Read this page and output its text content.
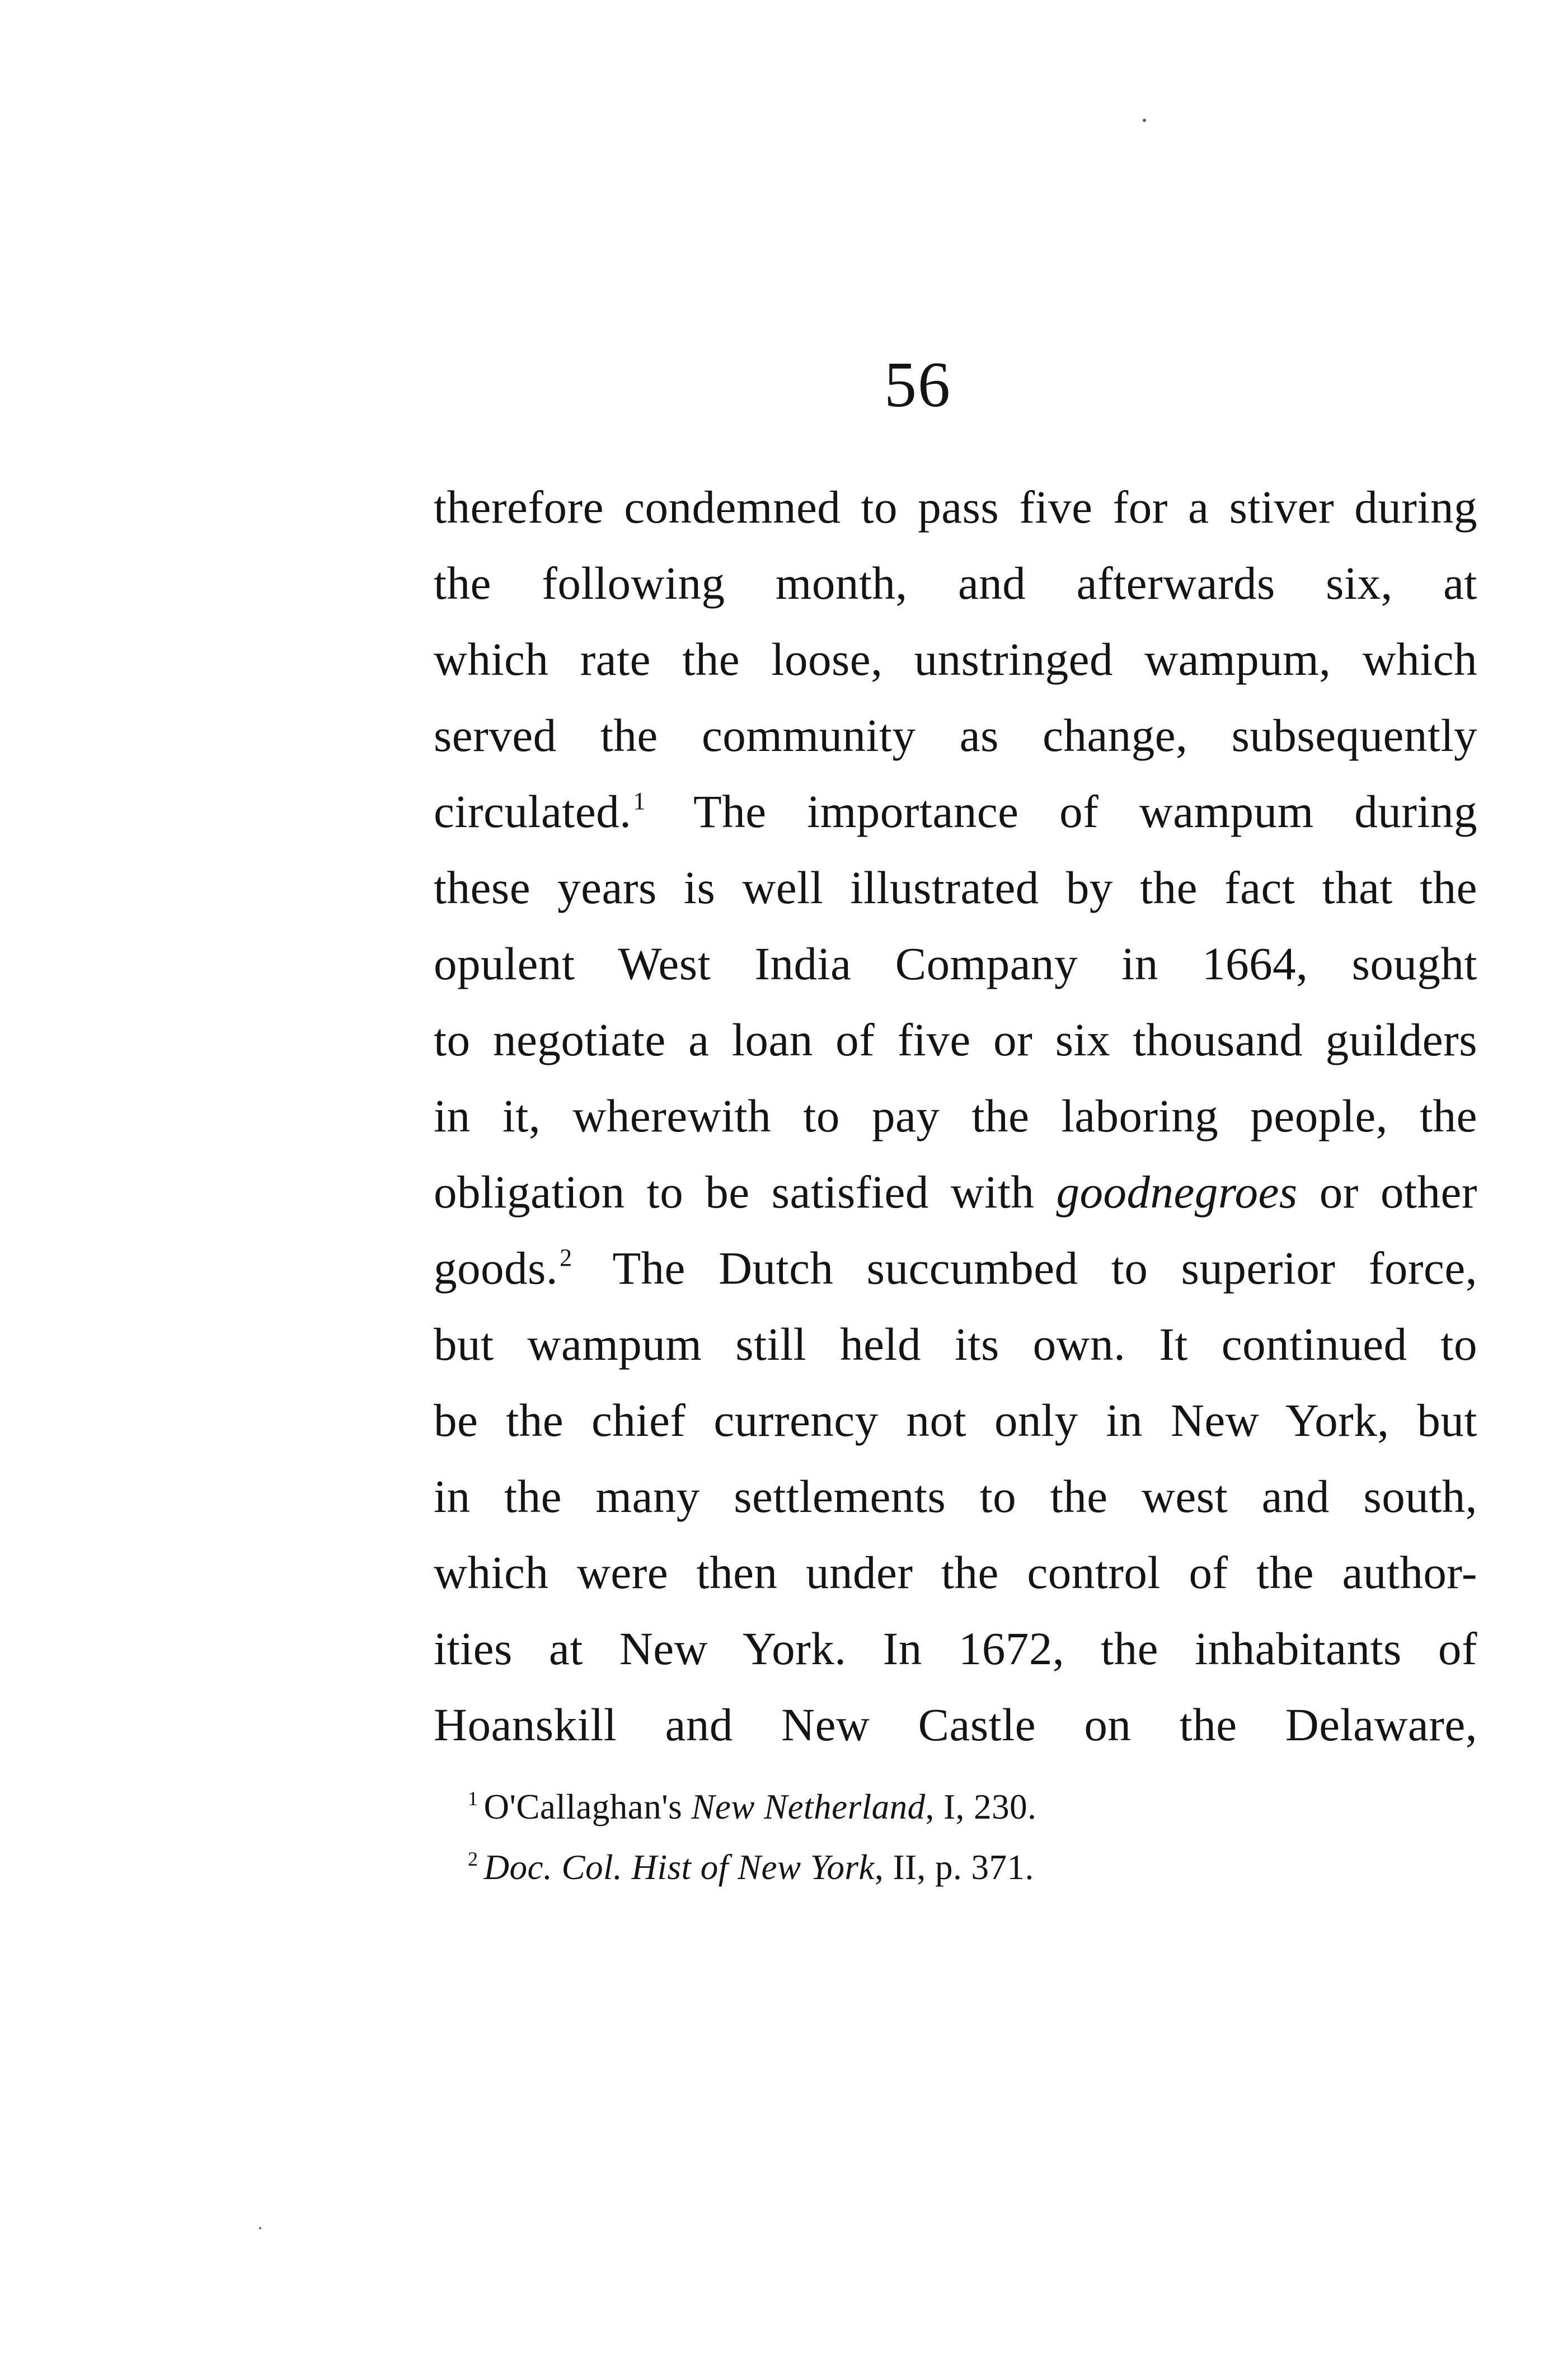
56
therefore condemned to pass five for a stiver during
the following month, and afterwards six, at
which rate the loose, unstringed wampum, which
served the community as change, subsequently
circulated.$^1$ The importance of wampum during
these years is well illustrated by the fact that the
opulent West India Company in 1664, sought
to negotiate a loan of five or six thousand guilders
in it, wherewith to pay the laboring people, the
obligation to be satisfied with goodnegroes or other
goods.$^2$ The Dutch succumbed to superior force,
but wampum still held its own. It continued to
be the chief currency not only in New York, but
in the many settlements to the west and south,
which were then under the control of the author-
ities at New York. In 1672, the inhabitants of
Hoanskill and New Castle on the Delaware,
$^1$ O'Callaghan's New Netherland, I, 230.
$^2$ Doc. Col. Hist of New York, II, p. 371.
